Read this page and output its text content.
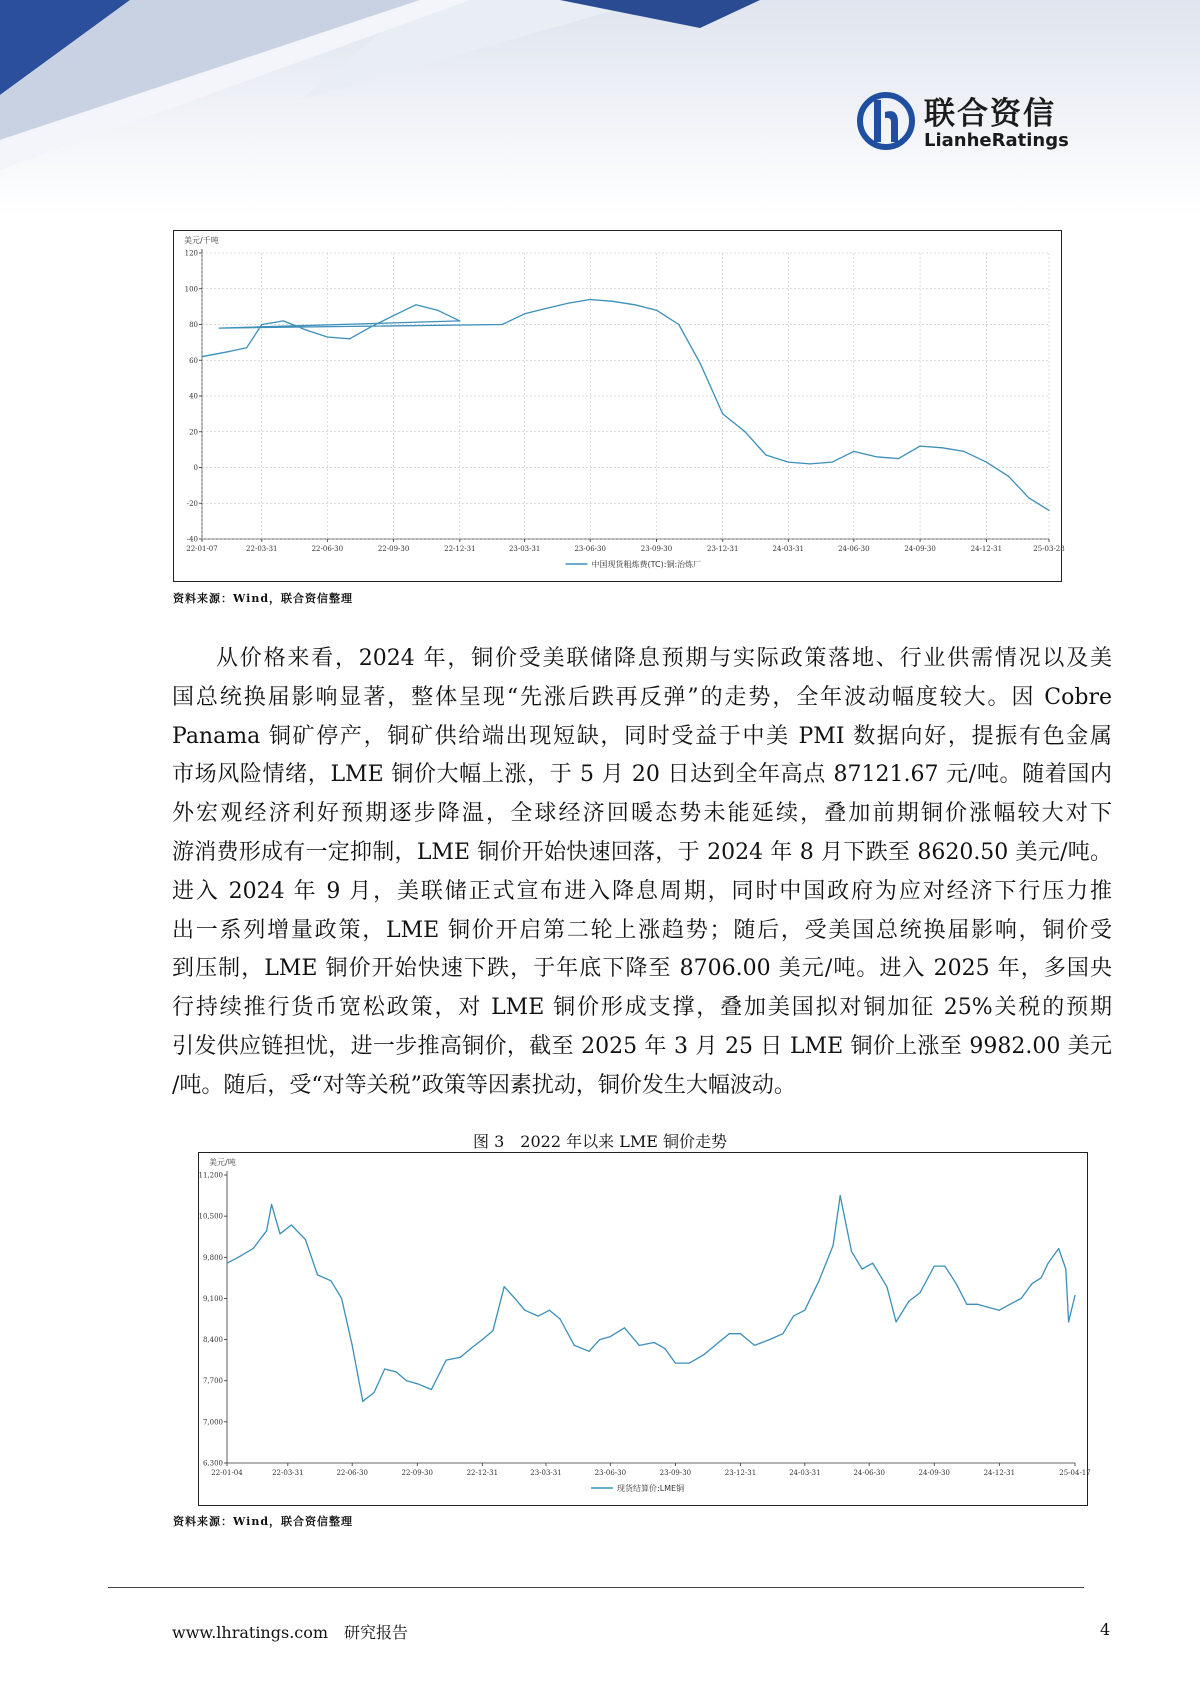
联合资信
LianheRatings
美元/千吨
120
100
80
60
40
20
0
-20
-40
22-01-07	22-03-31	22-06-30	22-09-30	22-12-31	23-03-31	23-06-30	23-09-30	23-12-31	24-03-31	24-06-30	24-09-30	24-12-31	25-03-28
中国现货粗炼费(TC):铜:治炼厂
资料来源：Wind，联合资信整理
从价格来看，2024 年，铜价受美联储降息预期与实际政策落地、行业供需情况以及美
国总统换届影响显著，整体呈现“先涨后跌再反弹”的走势，全年波动幅度较大。因 Cobre
Panama 铜矿停产，铜矿供给端出现短缺，同时受益于中美 PMI 数据向好，提振有色金属
市场风险情绪，LME 铜价大幅上涨，于 5 月 20 日达到全年高点 87121.67 元/吨。随着国内
外宏观经济利好预期逐步降温，全球经济回暖态势未能延续，叠加前期铜价涨幅较大对下
游消费形成有一定抑制，LME 铜价开始快速回落，于 2024 年 8 月下跌至 8620.50 美元/吨。
进入 2024 年 9 月，美联储正式宣布进入降息周期，同时中国政府为应对经济下行压力推
出一系列增量政策，LME 铜价开启第二轮上涨趋势；随后，受美国总统换届影响，铜价受
到压制，LME 铜价开始快速下跌，于年底下降至 8706.00 美元/吨。进入 2025 年，多国央
行持续推行货币宽松政策，对 LME 铜价形成支撑，叠加美国拟对铜加征 25%关税的预期
引发供应链担忧，进一步推高铜价，截至 2025 年 3 月 25 日 LME 铜价上涨至 9982.00 美元
/吨。随后，受“对等关税”政策等因素扰动，铜价发生大幅波动。
图 3　2022 年以来 LME 铜价走势
美元/吨
11,200
10,500
9,800
9,100
8,400
7,700
7,000
6,300
22-01-04	22-03-31	22-06-30	22-09-30	22-12-31	23-03-31	23-06-30	23-09-30	23-12-31	24-03-31	24-06-30	24-09-30	24-12-31	25-04-17
现货结算价:LME铜
资料来源：Wind，联合资信整理
www.lhratings.com 研究报告	4
